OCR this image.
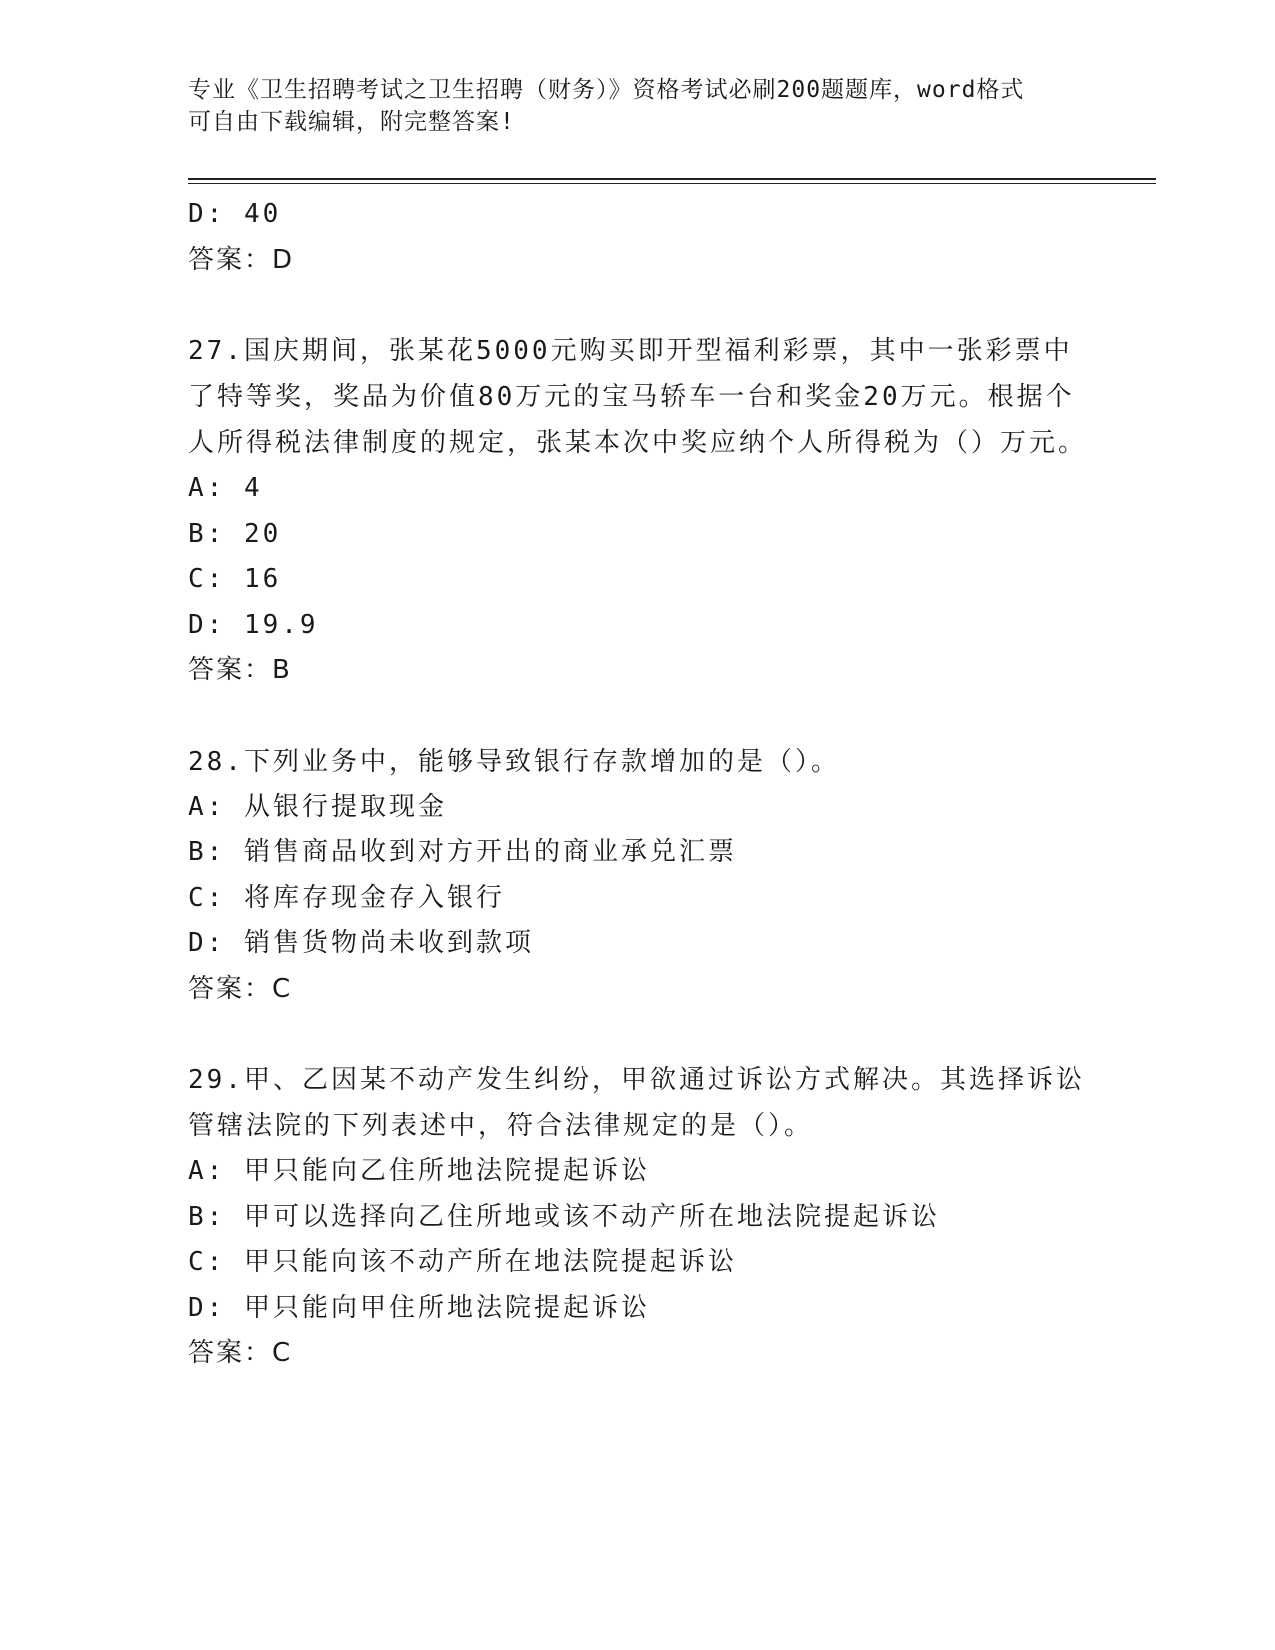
专业《卫生招聘考试之卫生招聘（财务）》资格考试必刷200题题库，word格式
可自由下载编辑，附完整答案!
D: 40
答案：D
27.国庆期间，张某花5000元购买即开型福利彩票，其中一张彩票中了特等奖，奖品为价值80万元的宝马轿车一台和奖金20万元。根据个人所得税法律制度的规定，张某本次中奖应纳个人所得税为（）万元。
A: 4
B: 20
C: 16
D: 19.9
答案：B
28.下列业务中，能够导致银行存款增加的是（）。
A: 从银行提取现金
B: 销售商品收到对方开出的商业承兑汇票
C: 将库存现金存入银行
D: 销售货物尚未收到款项
答案：C
29.甲、乙因某不动产发生纠纷，甲欲通过诉讼方式解决。其选择诉讼管辖法院的下列表述中，符合法律规定的是（）。
A: 甲只能向乙住所地法院提起诉讼
B: 甲可以选择向乙住所地或该不动产所在地法院提起诉讼
C: 甲只能向该不动产所在地法院提起诉讼
D: 甲只能向甲住所地法院提起诉讼
答案：C
